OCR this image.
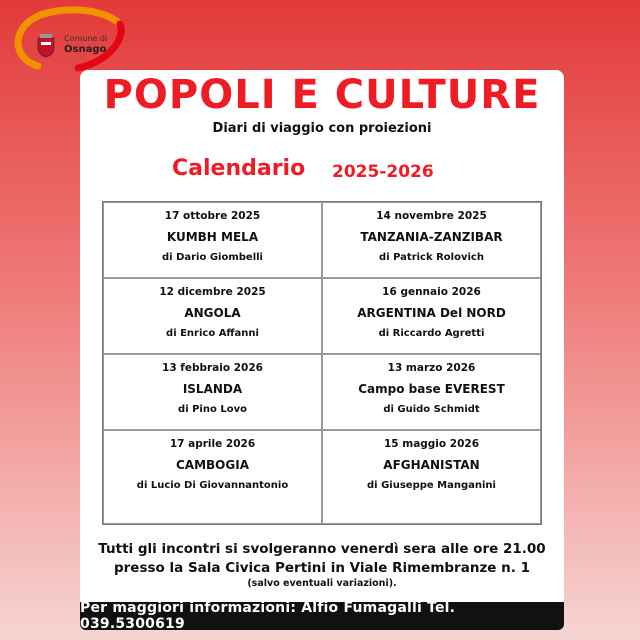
Comune di
Osnago
POPOLI E CULTURE
Diari di viaggio con proiezioni
Calendario 2025-2026
17 ottobre 2025
KUMBH MELA
di Dario Giombelli
14 novembre 2025
TANZANIA-ZANZIBAR
di Patrick Rolovich
12 dicembre 2025
ANGOLA
di Enrico Affanni
16 gennaio 2026
ARGENTINA Del NORD
di Riccardo Agretti
13 febbraio 2026
ISLANDA
di Pino Lovo
13 marzo 2026
Campo base EVEREST
di Guido Schmidt
17 aprile 2026
CAMBOGIA
di Lucio Di Giovannantonio
15 maggio 2026
AFGHANISTAN
di Giuseppe Manganini
Tutti gli incontri si svolgeranno venerdì sera alle ore 21.00
presso la Sala Civica Pertini in Viale Rimembranze n. 1
(salvo eventuali variazioni).
Per maggiori informazioni: Alfio Fumagalli Tel. 039.5300619
